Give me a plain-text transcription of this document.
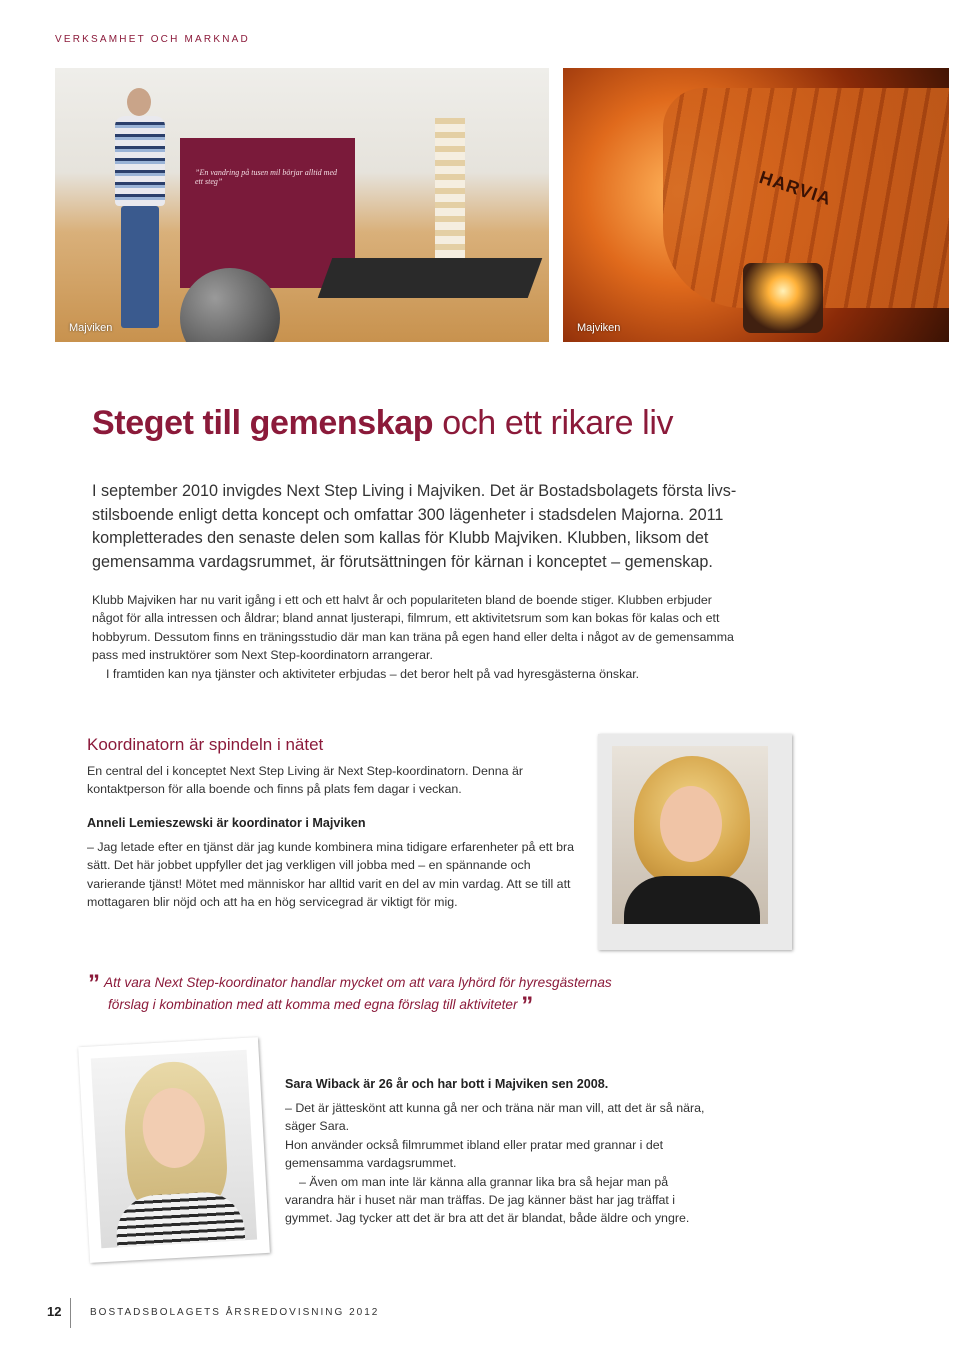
VERKSAMHET OCH MARKNAD
”En vandring på tusen mil börjar alltid med ett steg”
Majviken
HARVIA
Majviken
Steget till gemenskap och ett rikare liv
I september 2010 invigdes Next Step Living i Majviken. Det är Bostadsbolagets första livs-stilsboende enligt detta koncept och omfattar 300 lägenheter i stadsdelen Majorna. 2011 kompletterades den senaste delen som kallas för Klubb Majviken. Klubben, liksom det gemensamma vardagsrummet, är förutsättningen för kärnan i konceptet – gemenskap.

Klubb Majviken har nu varit igång i ett och ett halvt år och populariteten bland de boende stiger. Klubben erbjuder något för alla intressen och åldrar; bland annat ljusterapi, filmrum, ett aktivitetsrum som kan bokas för kalas och ett hobbyrum. Dessutom finns en träningsstudio där man kan träna på egen hand eller delta i något av de gemensamma pass med instruktörer som Next Step-koordinatorn arrangerar.

I framtiden kan nya tjänster och aktiviteter erbjudas – det beror helt på vad hyresgästerna önskar.

Koordinatorn är spindeln i nätet
En central del i konceptet Next Step Living är Next Step-koordinatorn. Denna är kontaktperson för alla boende och finns på plats fem dagar i veckan.
Anneli Lemieszewski är koordinator i Majviken
– Jag letade efter en tjänst där jag kunde kombinera mina tidigare erfarenheter på ett bra sätt. Det här jobbet uppfyller det jag verkligen vill jobba med – en spännande och varierande tjänst! Mötet med människor har alltid varit en del av min vardag. Att se till att mottagaren blir nöjd och att ha en hög servicegrad är viktigt för mig.
” Att vara Next Step-koordinator handlar mycket om att vara lyhörd för hyresgästernas
förslag i kombination med att komma med egna förslag till aktiviteter ”
Sara Wiback är 26 år och har bott i Majviken sen 2008.

– Det är jätteskönt att kunna gå ner och träna när man vill, att det är så nära, säger Sara.

Hon använder också filmrummet ibland eller pratar med grannar i det gemensamma vardagsrummet.

– Även om man inte lär känna alla grannar lika bra så hejar man på varandra här i huset när man träffas. De jag känner bäst har jag träffat i gymmet. Jag tycker att det är bra att det är blandat, både äldre och yngre.

12	BOSTADSBOLAGETS ÅRSREDOVISNING 2012
